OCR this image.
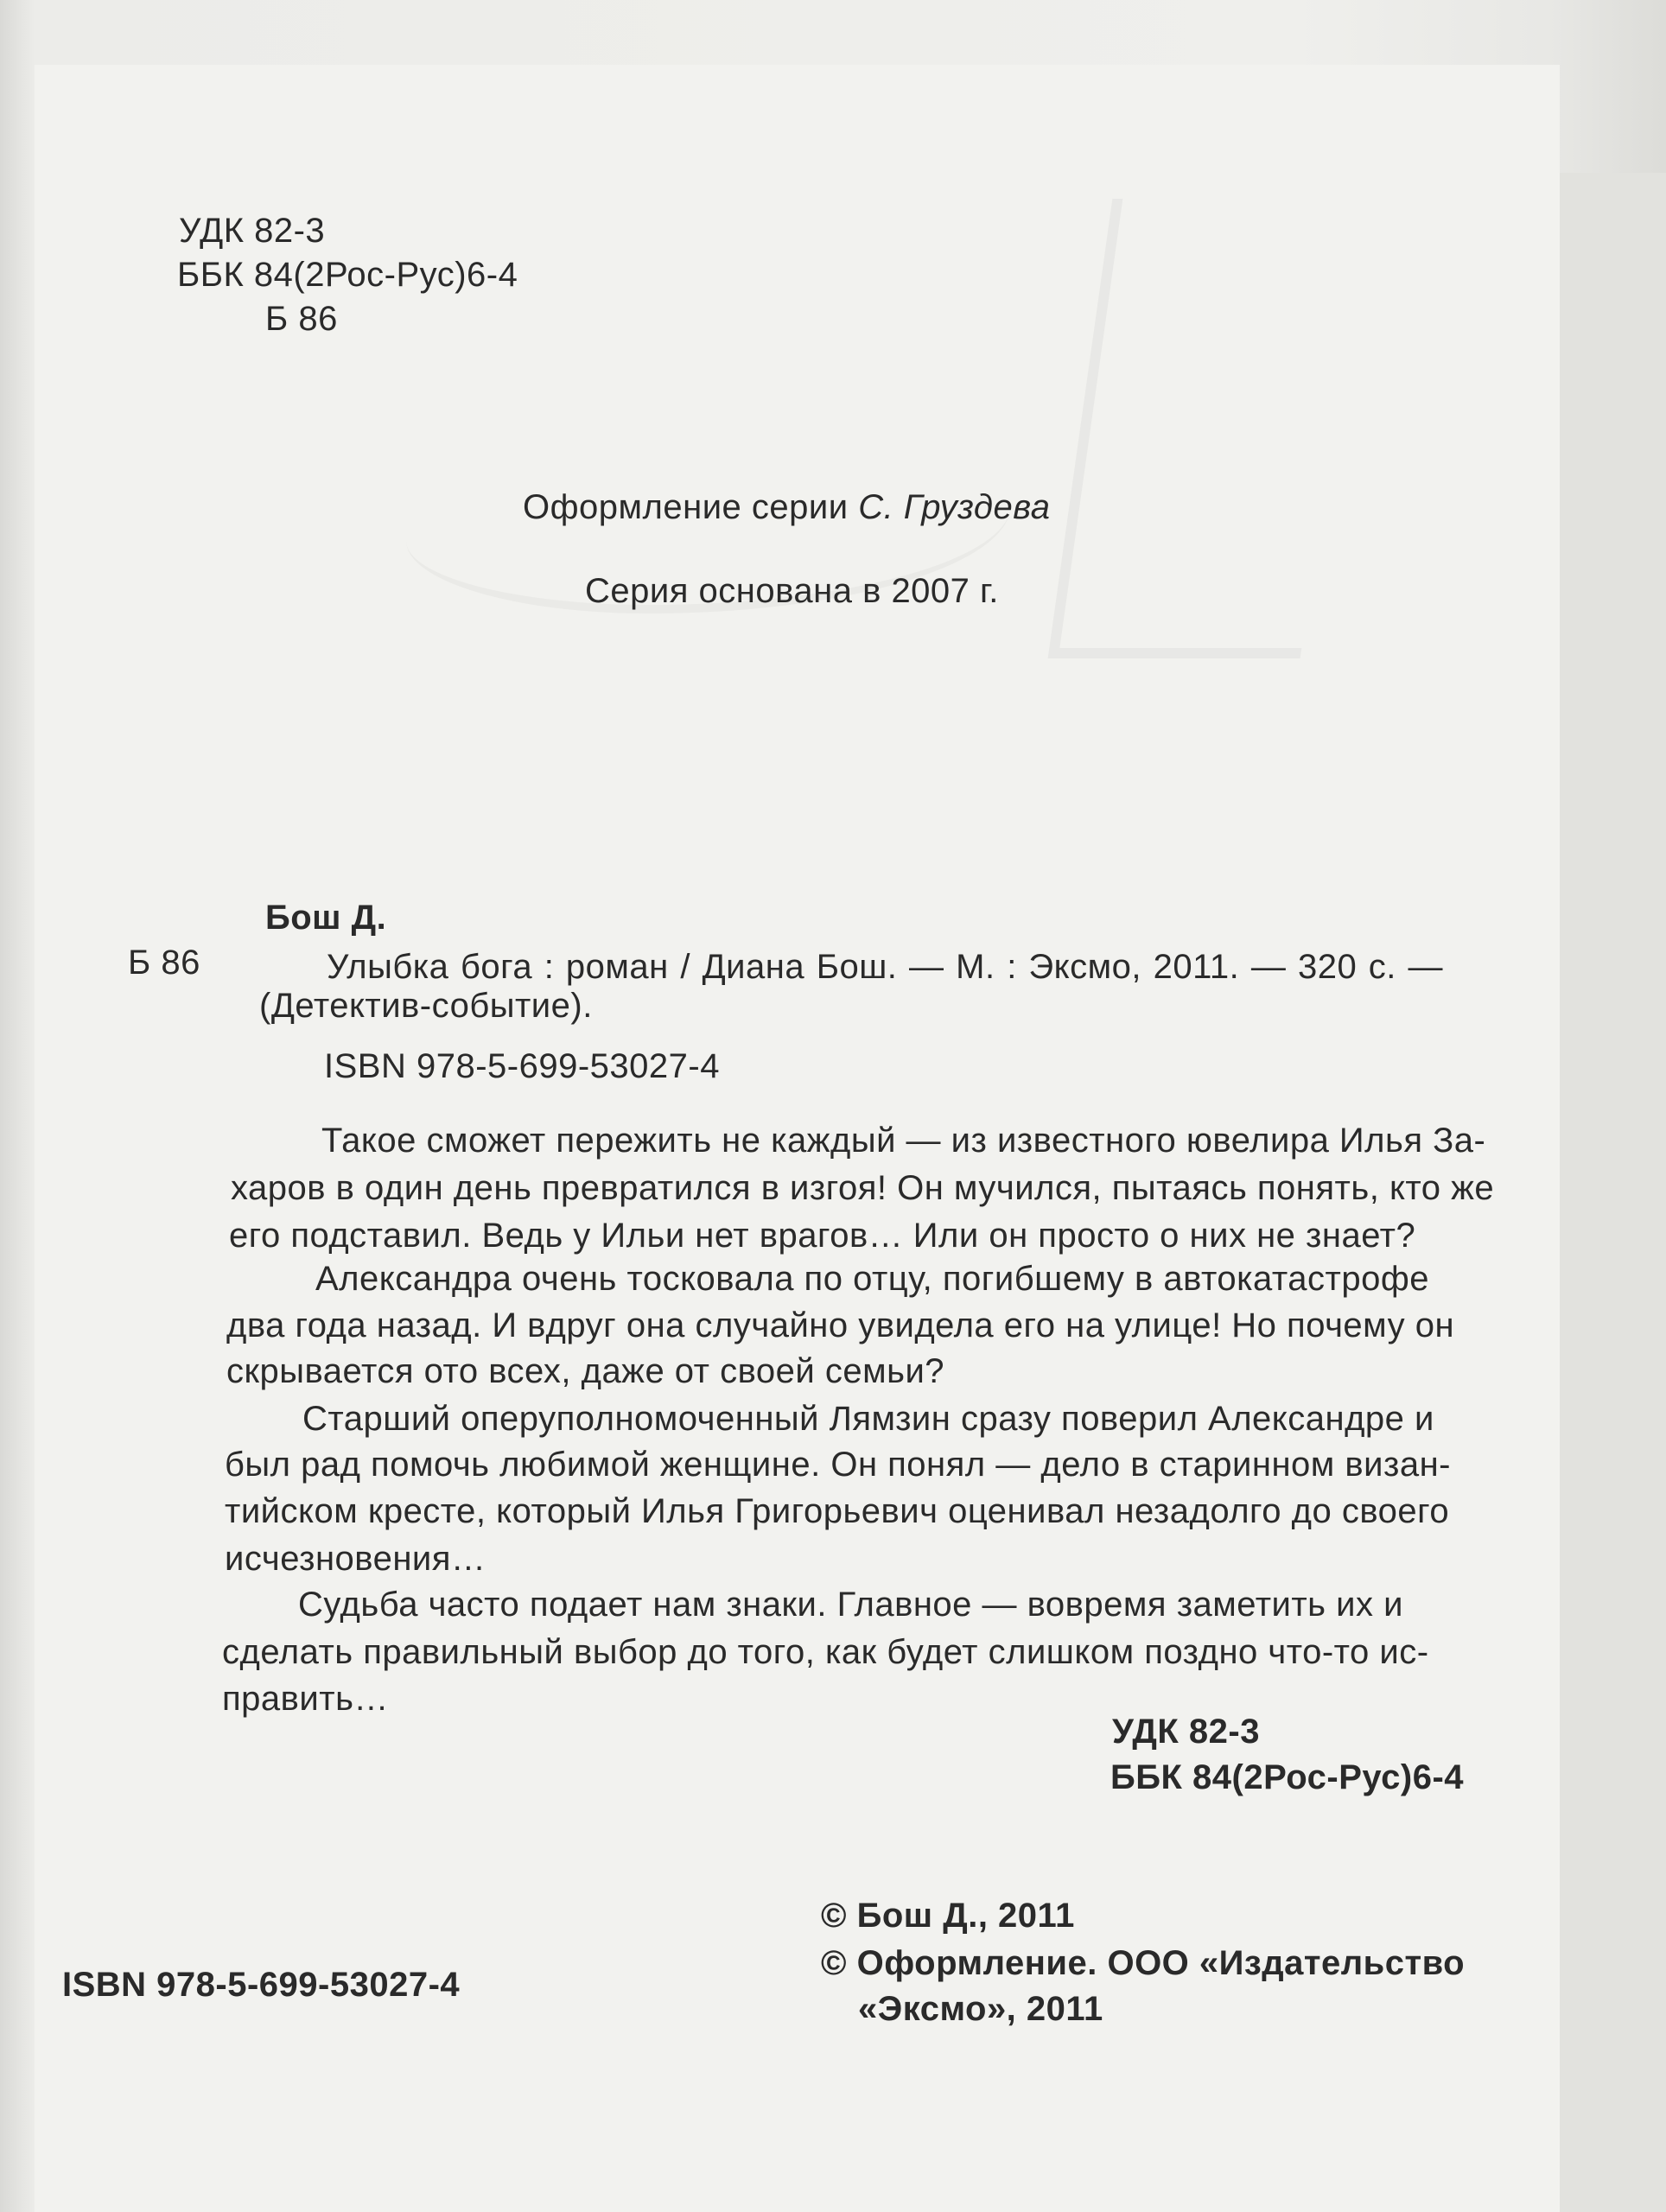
УДК 82-3
ББК 84(2Рос-Рус)6-4
Б 86
Оформление серии С. Груздева
Серия основана в 2007 г.
Бош Д.
Б 86	Улыбка бога : роман / Диана Бош. — М. : Эксмо, 2011. — 320 с. —
(Детектив-событие).
ISBN 978-5-699-53027-4
Такое сможет пережить не каждый — из известного ювелира Илья За-
харов в один день превратился в изгоя! Он мучился, пытаясь понять, кто же
его подставил. Ведь у Ильи нет врагов… Или он просто о них не знает?
Александра очень тосковала по отцу, погибшему в автокатастрофе
два года назад. И вдруг она случайно увидела его на улице! Но почему он
скрывается ото всех, даже от своей семьи?
Старший оперуполномоченный Лямзин сразу поверил Александре и
был рад помочь любимой женщине. Он понял — дело в старинном визан-
тийском кресте, который Илья Григорьевич оценивал незадолго до своего
исчезновения…
Судьба часто подает нам знаки. Главное — вовремя заметить их и
сделать правильный выбор до того, как будет слишком поздно что-то ис-
править…
УДК 82-3
ББК 84(2Рос-Рус)6-4
© Бош Д., 2011
© Оформление. ООО «Издательство
«Эксмо», 2011
ISBN 978-5-699-53027-4
